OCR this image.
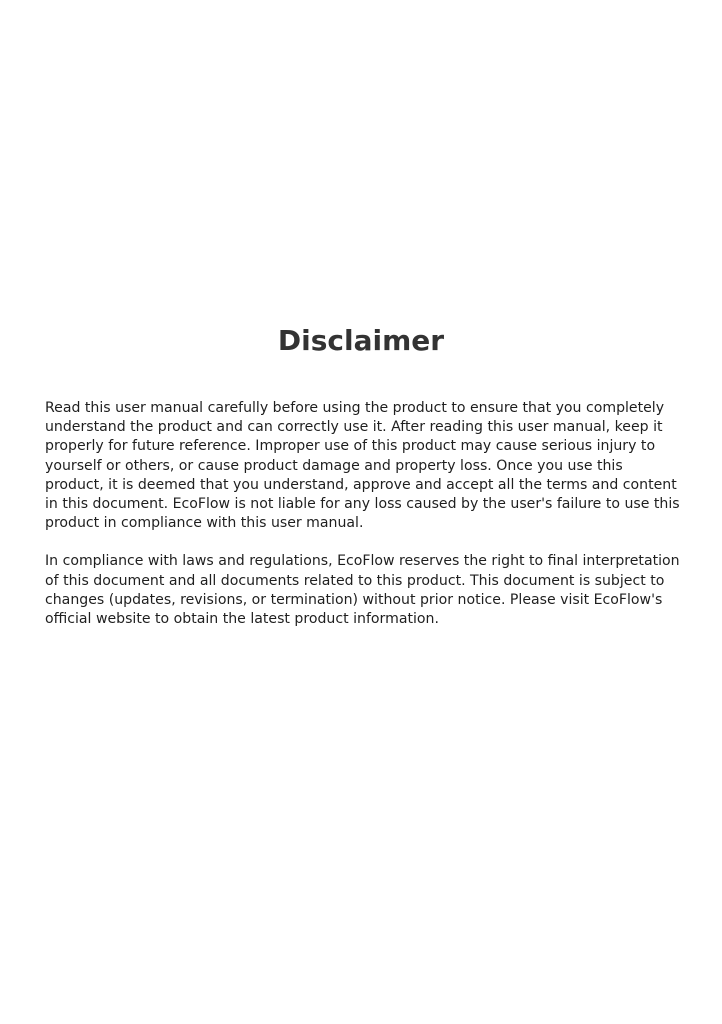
Disclaimer

Read this user manual carefully before using the product to ensure that you completely understand the product and can correctly use it. After reading this user manual, keep it properly for future reference. Improper use of this product may cause serious injury to yourself or others, or cause product damage and property loss. Once you use this product, it is deemed that you understand, approve and accept all the terms and content in this document. EcoFlow is not liable for any loss caused by the user's failure to use this product in compliance with this user manual.

In compliance with laws and regulations, EcoFlow reserves the right to final interpretation of this document and all documents related to this product. This document is subject to changes (updates, revisions, or termination) without prior notice. Please visit EcoFlow's official website to obtain the latest product information.
